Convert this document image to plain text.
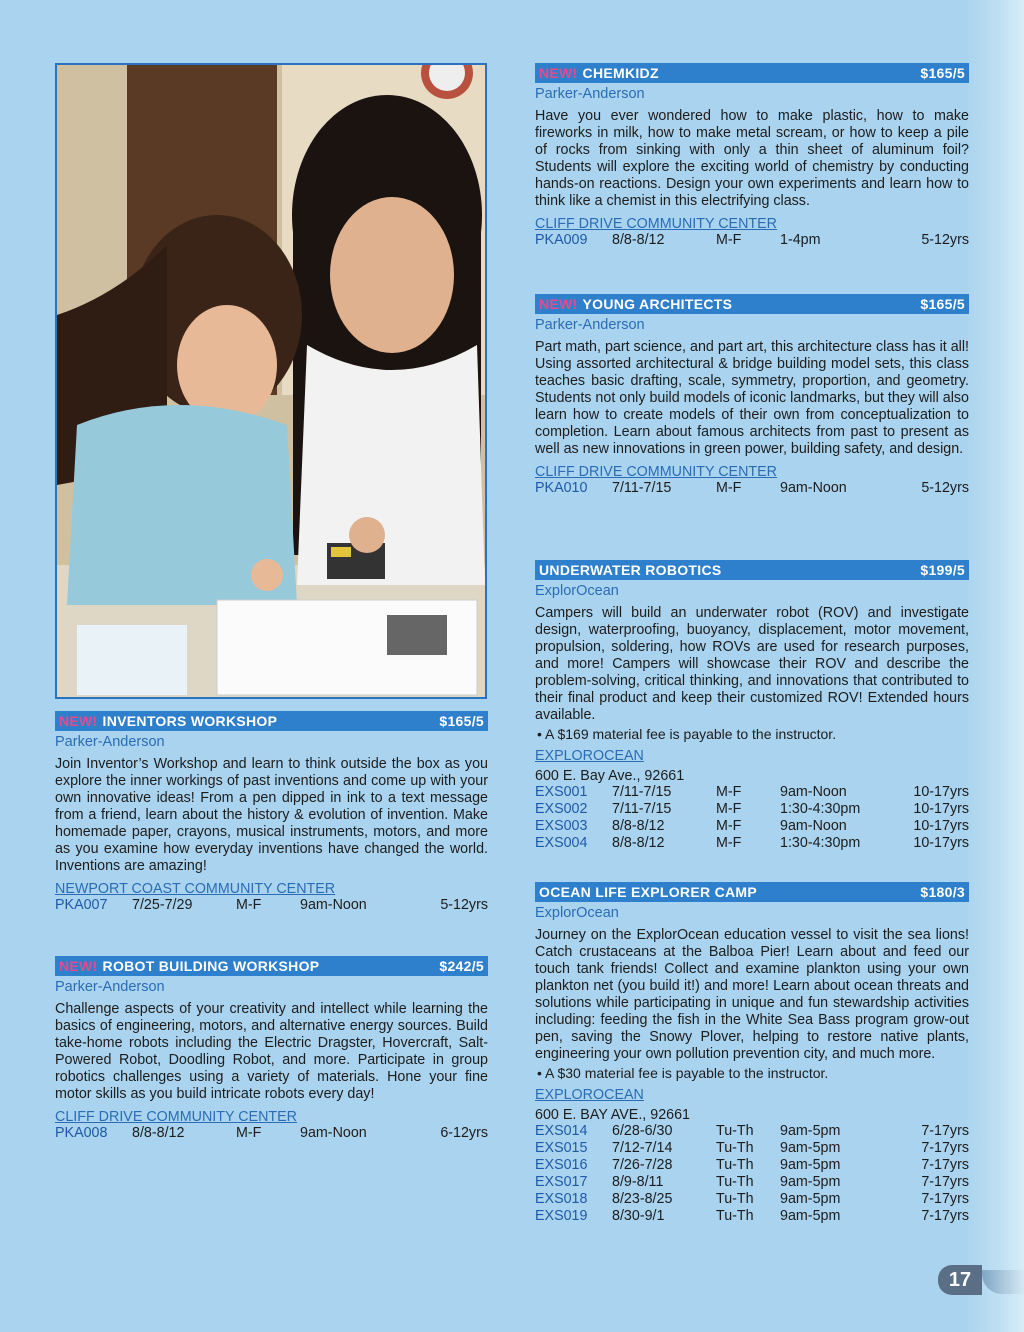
NEW! INVENTORS WORKSHOP	$165/5
Parker-Anderson

Join Inventor’s Workshop and learn to think outside the box as you explore the inner workings of past inventions and come up with your own innovative ideas! From a pen dipped in ink to a text message from a friend, learn about the history & evolution of invention. Make homemade paper, crayons, musical instruments, motors, and more as you examine how everyday inventions have changed the world. Inventions are amazing!

NEWPORT COAST COMMUNITY CENTER
PKA007	7/25-7/29	M-F	9am-Noon	5-12yrs
NEW! ROBOT BUILDING WORKSHOP	$242/5
Parker-Anderson

Challenge aspects of your creativity and intellect while learning the basics of engineering, motors, and alternative energy sources. Build take-home robots including the Electric Dragster, Hovercraft, Salt-Powered Robot, Doodling Robot, and more. Participate in group robotics challenges using a variety of materials. Hone your fine motor skills as you build intricate robots every day!

CLIFF DRIVE COMMUNITY CENTER
PKA008	8/8-8/12	M-F	9am-Noon	6-12yrs
NEW! CHEMKIDZ	$165/5
Parker-Anderson

Have you ever wondered how to make plastic, how to make fireworks in milk, how to make metal scream, or how to keep a pile of rocks from sinking with only a thin sheet of aluminum foil? Students will explore the exciting world of chemistry by conducting hands-on reactions. Design your own experiments and learn how to think like a chemist in this electrifying class.

CLIFF DRIVE COMMUNITY CENTER
PKA009	8/8-8/12	M-F	1-4pm	5-12yrs
NEW! YOUNG ARCHITECTS	$165/5
Parker-Anderson

Part math, part science, and part art, this architecture class has it all! Using assorted architectural & bridge building model sets, this class teaches basic drafting, scale, symmetry, proportion, and geometry. Students not only build models of iconic landmarks, but they will also learn how to create models of their own from conceptualization to completion. Learn about famous architects from past to present as well as new innovations in green power, building safety, and design.

CLIFF DRIVE COMMUNITY CENTER
PKA010	7/11-7/15	M-F	9am-Noon	5-12yrs
UNDERWATER ROBOTICS	$199/5
ExplorOcean

Campers will build an underwater robot (ROV) and investigate design, waterproofing, buoyancy, displacement, motor movement, propulsion, soldering, how ROVs are used for research purposes, and more! Campers will showcase their ROV and describe the problem-solving, critical thinking, and innovations that contributed to their final product and keep their customized ROV! Extended hours available.

• A $169 material fee is payable to the instructor.
EXPLOROCEAN
600 E. Bay Ave., 92661
EXS001	7/11-7/15	M-F	9am-Noon	10-17yrs
EXS002	7/11-7/15	M-F	1:30-4:30pm	10-17yrs
EXS003	8/8-8/12	M-F	9am-Noon	10-17yrs
EXS004	8/8-8/12	M-F	1:30-4:30pm	10-17yrs
OCEAN LIFE EXPLORER CAMP	$180/3
ExplorOcean

Journey on the ExplorOcean education vessel to visit the sea lions! Catch crustaceans at the Balboa Pier! Learn about and feed our touch tank friends! Collect and examine plankton using your own plankton net (you build it!) and more! Learn about ocean threats and solutions while participating in unique and fun stewardship activities including: feeding the fish in the White Sea Bass program grow-out pen, saving the Snowy Plover, helping to restore native plants, engineering your own pollution prevention city, and much more.

• A $30 material fee is payable to the instructor.
EXPLOROCEAN
600 E. BAY AVE., 92661
EXS014	6/28-6/30	Tu-Th	9am-5pm	7-17yrs
EXS015	7/12-7/14	Tu-Th	9am-5pm	7-17yrs
EXS016	7/26-7/28	Tu-Th	9am-5pm	7-17yrs
EXS017	8/9-8/11	Tu-Th	9am-5pm	7-17yrs
EXS018	8/23-8/25	Tu-Th	9am-5pm	7-17yrs
EXS019	8/30-9/1	Tu-Th	9am-5pm	7-17yrs
17
